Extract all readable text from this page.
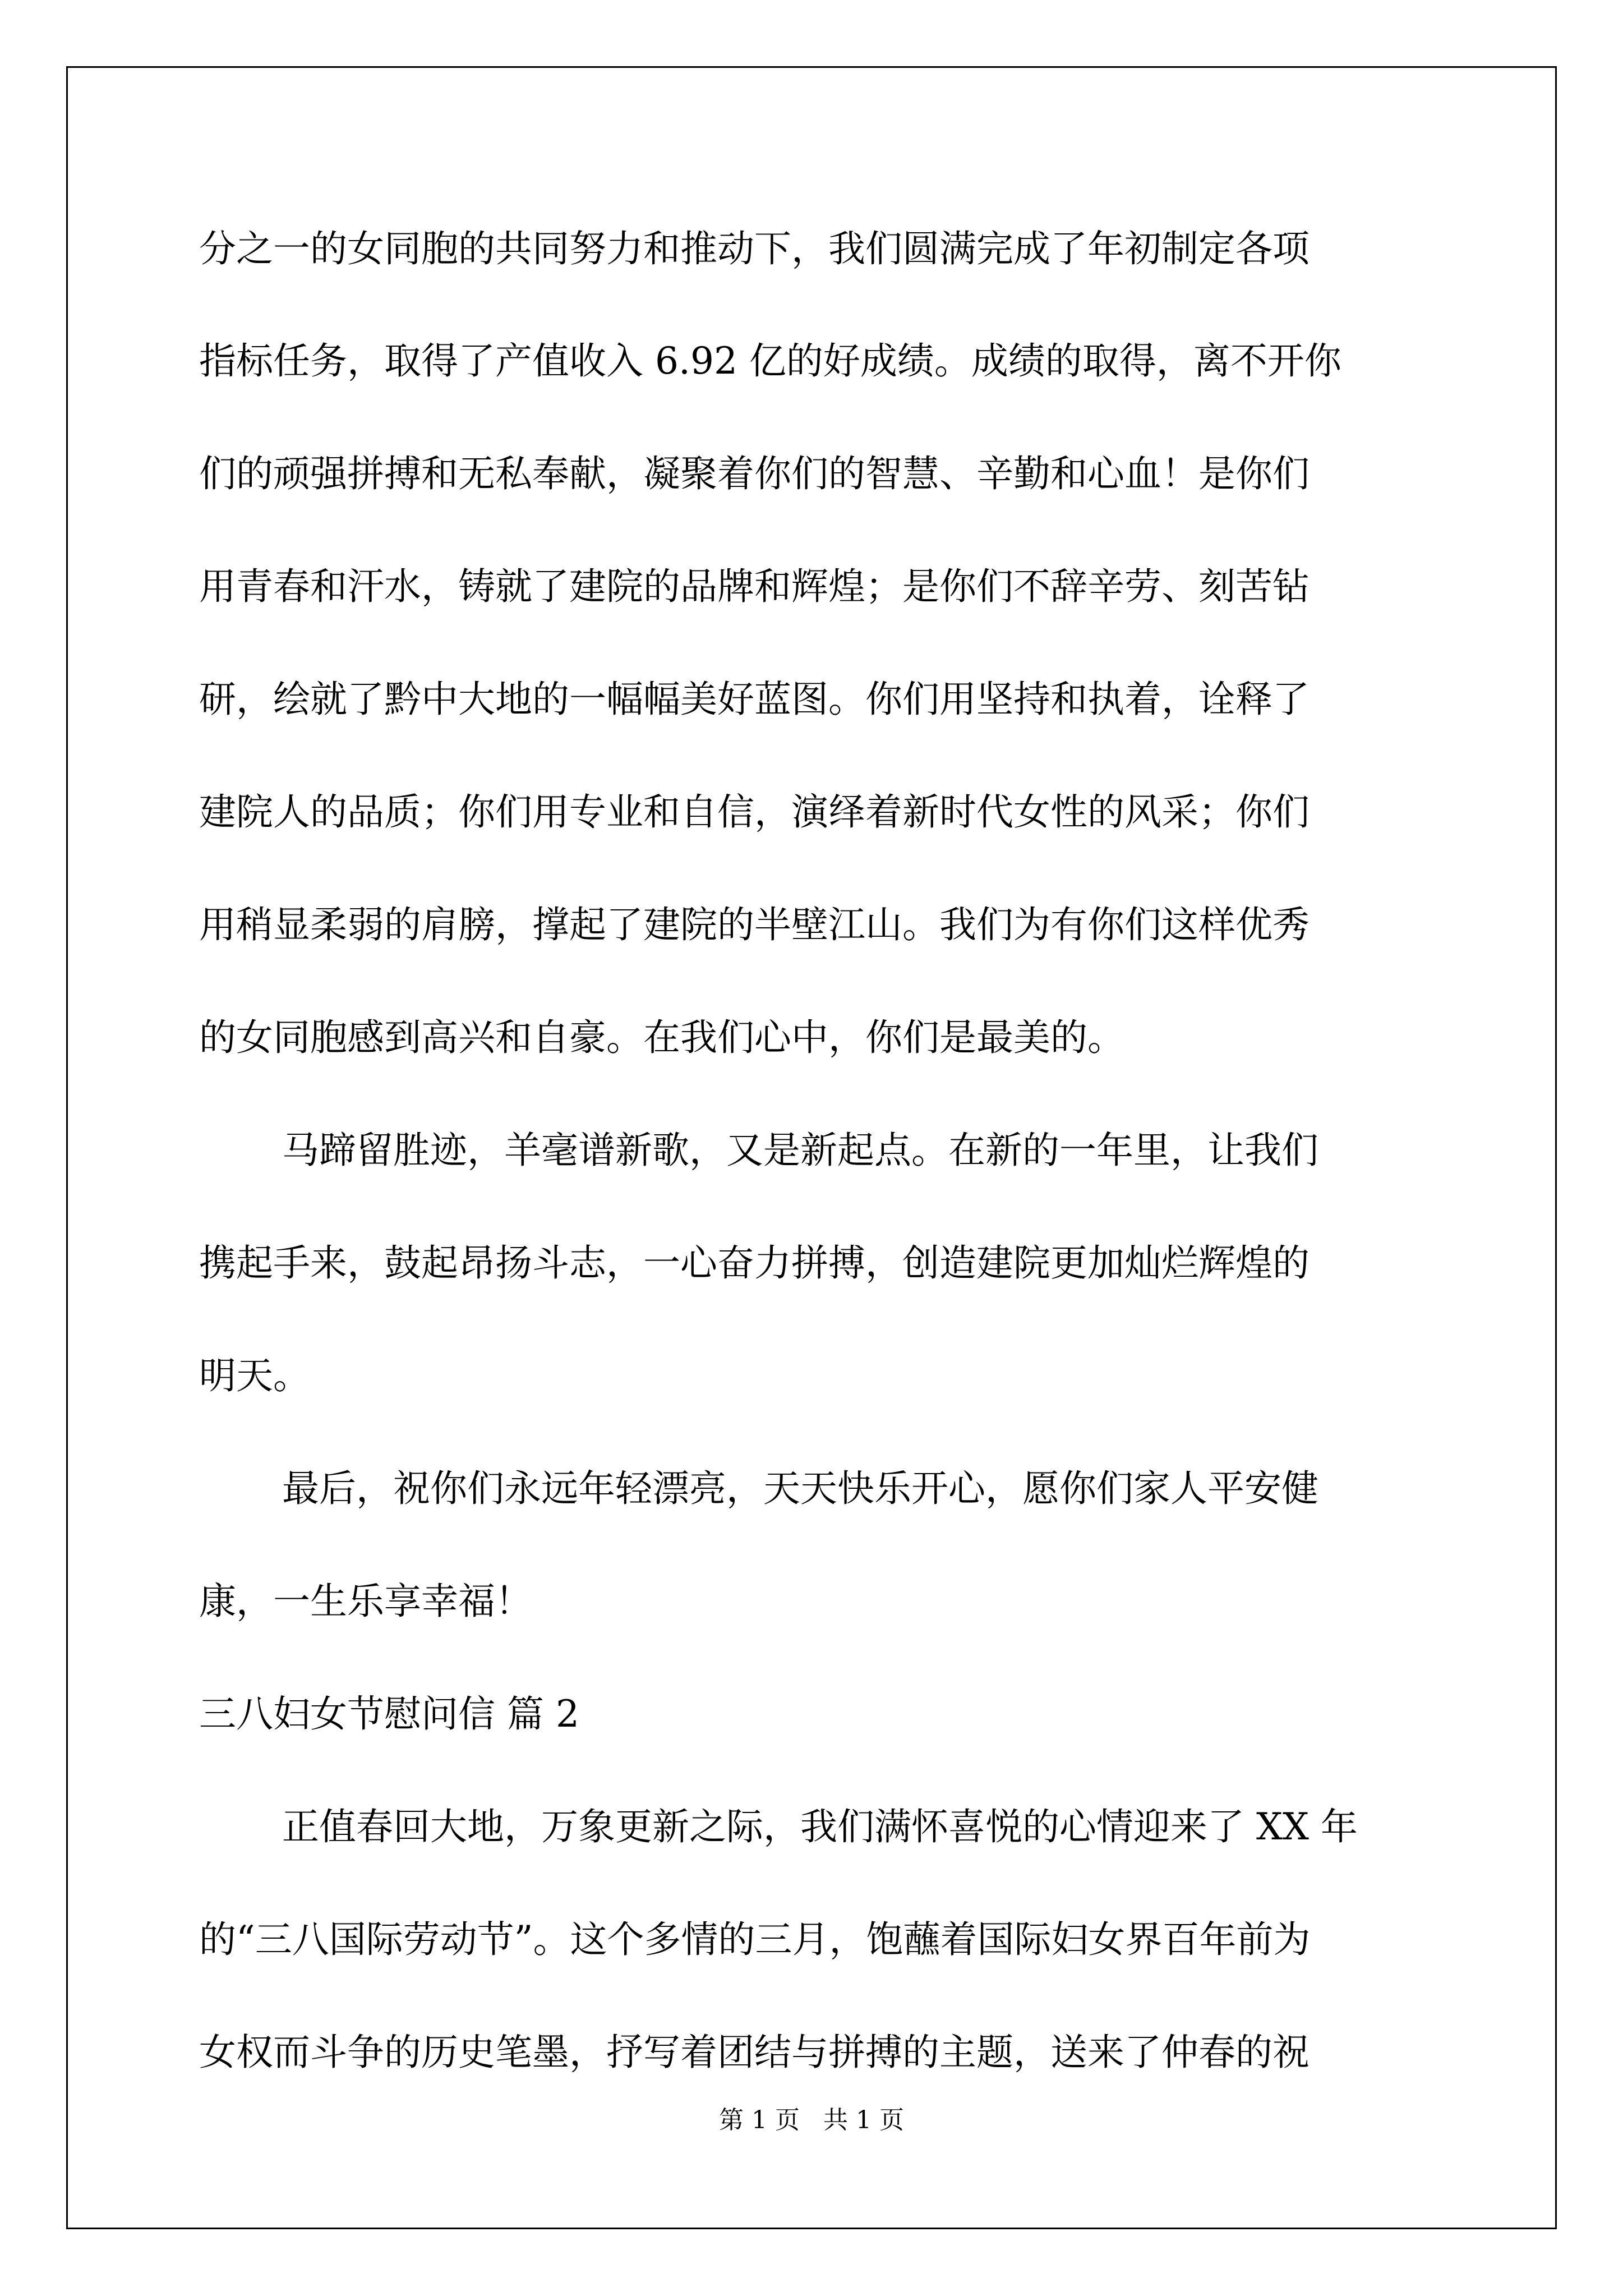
分之一的女同胞的共同努力和推动下，我们圆满完成了年初制定各项
指标任务，取得了产值收入 6.92 亿的好成绩。成绩的取得，离不开你
们的顽强拼搏和无私奉献，凝聚着你们的智慧、辛勤和心血！是你们
用青春和汗水，铸就了建院的品牌和辉煌；是你们不辞辛劳、刻苦钻
研，绘就了黔中大地的一幅幅美好蓝图。你们用坚持和执着，诠释了
建院人的品质；你们用专业和自信，演绎着新时代女性的风采；你们
用稍显柔弱的肩膀，撑起了建院的半壁江山。我们为有你们这样优秀
的女同胞感到高兴和自豪。在我们心中，你们是最美的。
马蹄留胜迹，羊毫谱新歌，又是新起点。在新的一年里，让我们
携起手来，鼓起昂扬斗志，一心奋力拼搏，创造建院更加灿烂辉煌的
明天。
最后，祝你们永远年轻漂亮，天天快乐开心，愿你们家人平安健
康，一生乐享幸福！
三八妇女节慰问信 篇 2
正值春回大地，万象更新之际，我们满怀喜悦的心情迎来了 XX 年
的“三八国际劳动节”。这个多情的三月，饱蘸着国际妇女界百年前为
女权而斗争的历史笔墨，抒写着团结与拼搏的主题，送来了仲春的祝
第 1 页   共 1 页
